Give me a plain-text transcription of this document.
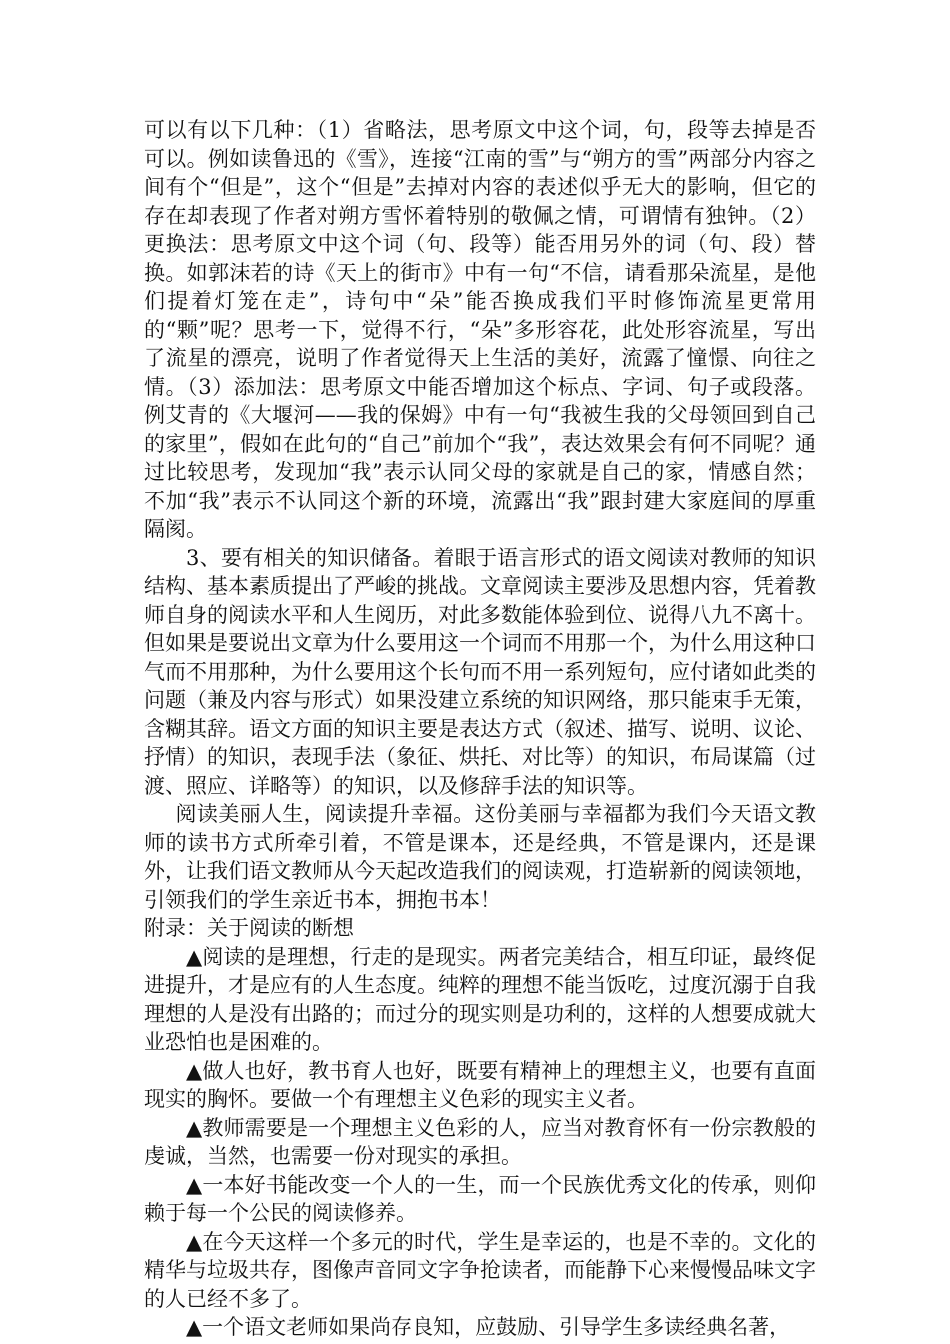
可以有以下几种：（1）省略法，思考原文中这个词，句，段等去掉是否可以。例如读鲁迅的《雪》，连接“江南的雪”与“朔方的雪”两部分内容之间有个“但是”，这个“但是”去掉对内容的表述似乎无大的影响，但它的存在却表现了作者对朔方雪怀着特别的敬佩之情，可谓情有独钟。（2）更换法：思考原文中这个词（句、段等）能否用另外的词（句、段）替换。如郭沫若的诗《天上的街市》中有一句“不信，请看那朵流星，是他们提着灯笼在走”，诗句中“朵”能否换成我们平时修饰流星更常用的“颗”呢？思考一下，觉得不行，“朵”多形容花，此处形容流星，写出了流星的漂亮，说明了作者觉得天上生活的美好，流露了憧憬、向往之情。（3）添加法：思考原文中能否增加这个标点、字词、句子或段落。例艾青的《大堰河——我的保姆》中有一句“我被生我的父母领回到自己的家里”，假如在此句的“自己”前加个“我”，表达效果会有何不同呢？通过比较思考，发现加“我”表示认同父母的家就是自己的家，情感自然；不加“我”表示不认同这个新的环境，流露出“我”跟封建大家庭间的厚重隔阂。

3、要有相关的知识储备。着眼于语言形式的语文阅读对教师的知识结构、基本素质提出了严峻的挑战。文章阅读主要涉及思想内容，凭着教师自身的阅读水平和人生阅历，对此多数能体验到位、说得八九不离十。但如果是要说出文章为什么要用这一个词而不用那一个，为什么用这种口气而不用那种，为什么要用这个长句而不用一系列短句，应付诸如此类的问题（兼及内容与形式）如果没建立系统的知识网络，那只能束手无策，含糊其辞。语文方面的知识主要是表达方式（叙述、描写、说明、议论、抒情）的知识，表现手法（象征、烘托、对比等）的知识，布局谋篇（过渡、照应、详略等）的知识，以及修辞手法的知识等。

阅读美丽人生，阅读提升幸福。这份美丽与幸福都为我们今天语文教师的读书方式所牵引着，不管是课本，还是经典，不管是课内，还是课外，让我们语文教师从今天起改造我们的阅读观，打造崭新的阅读领地，引领我们的学生亲近书本，拥抱书本！

附录：关于阅读的断想

▲阅读的是理想，行走的是现实。两者完美结合，相互印证，最终促进提升，才是应有的人生态度。纯粹的理想不能当饭吃，过度沉溺于自我理想的人是没有出路的；而过分的现实则是功利的，这样的人想要成就大业恐怕也是困难的。

▲做人也好，教书育人也好，既要有精神上的理想主义，也要有直面现实的胸怀。要做一个有理想主义色彩的现实主义者。

▲教师需要是一个理想主义色彩的人，应当对教育怀有一份宗教般的虔诚，当然，也需要一份对现实的承担。

▲一本好书能改变一个人的一生，而一个民族优秀文化的传承，则仰赖于每一个公民的阅读修养。

▲在今天这样一个多元的时代，学生是幸运的，也是不幸的。文化的精华与垃圾共存，图像声音同文字争抢读者，而能静下心来慢慢品味文字的人已经不多了。

▲一个语文老师如果尚存良知，应鼓励、引导学生多读经典名著，
